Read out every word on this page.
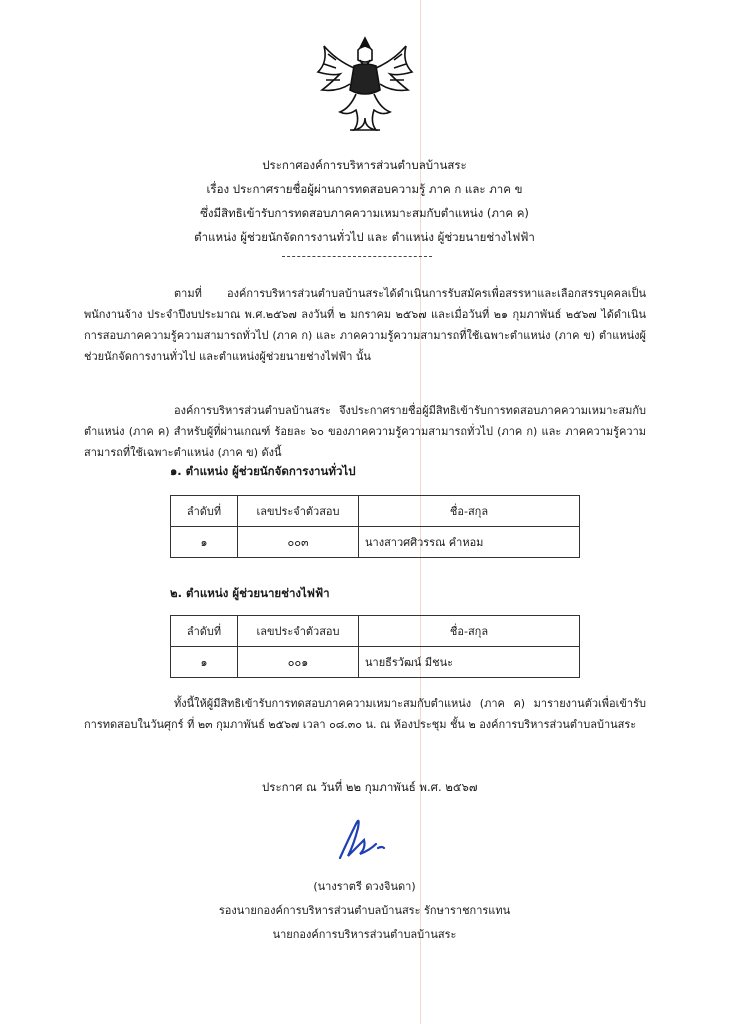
ประกาศองค์การบริหารส่วนตำบลบ้านสระ
เรื่อง ประกาศรายชื่อผู้ผ่านการทดสอบความรู้ ภาค ก และ ภาค ข
ซึ่งมีสิทธิเข้ารับการทดสอบภาคความเหมาะสมกับตำแหน่ง (ภาค ค)
ตำแหน่ง ผู้ช่วยนักจัดการงานทั่วไป และ ตำแหน่ง ผู้ช่วยนายช่างไฟฟ้า
ตามที่ องค์การบริหารส่วนตำบลบ้านสระได้ดำเนินการรับสมัครเพื่อสรรหาและเลือกสรรบุคคลเป็นพนักงานจ้าง ประจำปีงบประมาณ พ.ศ.๒๕๖๗ ลงวันที่ ๒ มกราคม ๒๕๖๗ และเมื่อวันที่ ๒๑ กุมภาพันธ์ ๒๕๖๗ ได้ดำเนินการสอบภาคความรู้ความสามารถทั่วไป (ภาค ก) และ ภาคความรู้ความสามารถที่ใช้เฉพาะตำแหน่ง (ภาค ข) ตำแหน่งผู้ช่วยนักจัดการงานทั่วไป และตำแหน่งผู้ช่วยนายช่างไฟฟ้า นั้น
องค์การบริหารส่วนตำบลบ้านสระ จึงประกาศรายชื่อผู้มีสิทธิเข้ารับการทดสอบภาคความเหมาะสมกับตำแหน่ง (ภาค ค) สำหรับผู้ที่ผ่านเกณฑ์ ร้อยละ ๖๐ ของภาคความรู้ความสามารถทั่วไป (ภาค ก) และ ภาคความรู้ความสามารถที่ใช้เฉพาะตำแหน่ง (ภาค ข) ดังนี้
๑. ตำแหน่ง ผู้ช่วยนักจัดการงานทั่วไป
ลำดับที่	เลขประจำตัวสอบ	ชื่อ-สกุล
๑	๐๐๓	นางสาวศศิวรรณ คำหอม
๒. ตำแหน่ง ผู้ช่วยนายช่างไฟฟ้า
ลำดับที่	เลขประจำตัวสอบ	ชื่อ-สกุล
๑	๐๐๑	นายธีรวัฒน์ มีชนะ
ทั้งนี้ให้ผู้มีสิทธิเข้ารับการทดสอบภาคความเหมาะสมกับตำแหน่ง (ภาค ค) มารายงานตัวเพื่อเข้ารับการทดสอบในวันศุกร์ ที่ ๒๓ กุมภาพันธ์ ๒๕๖๗ เวลา ๐๘.๓๐ น. ณ ห้องประชุม ชั้น ๒ องค์การบริหารส่วนตำบลบ้านสระ
ประกาศ ณ วันที่ ๒๒ กุมภาพันธ์ พ.ศ. ๒๕๖๗
(นางราตรี ดวงจินดา)
รองนายกองค์การบริหารส่วนตำบลบ้านสระ รักษาราชการแทน
นายกองค์การบริหารส่วนตำบลบ้านสระ
